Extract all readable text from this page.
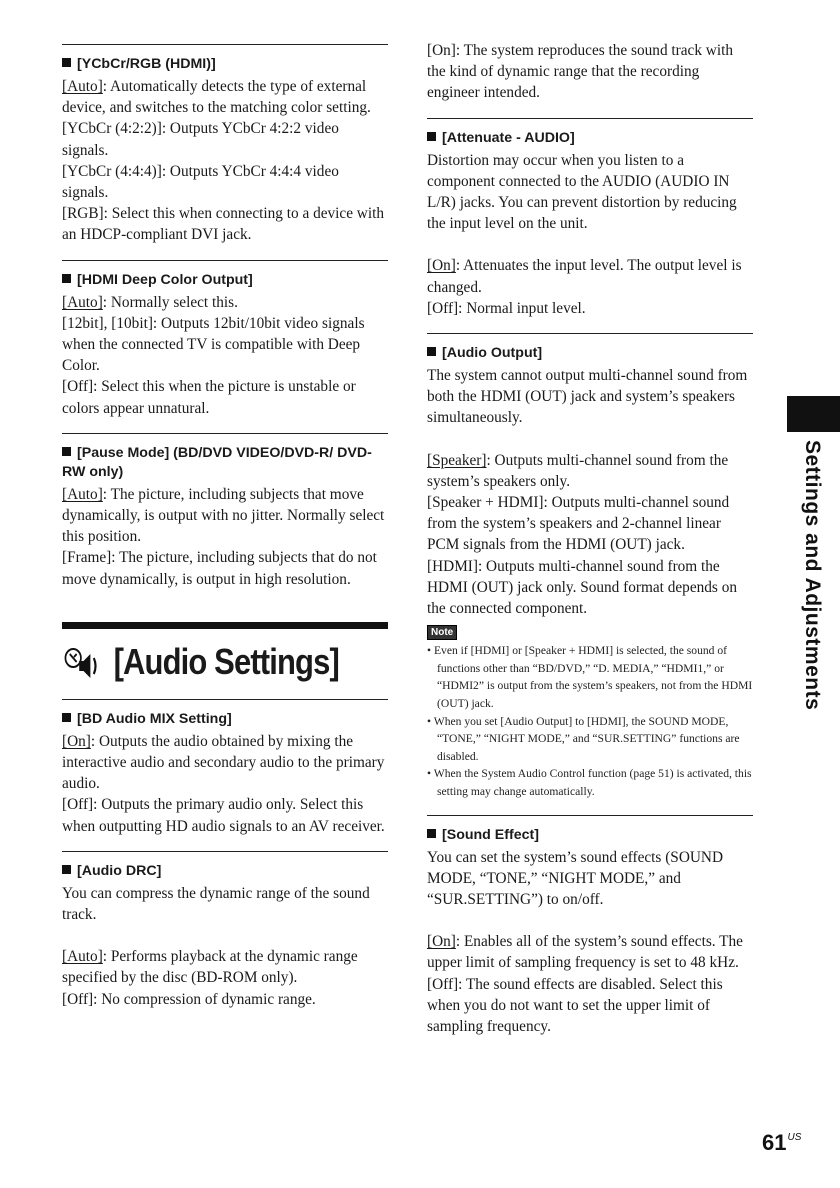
[YCbCr/RGB (HDMI)]

[Auto]: Automatically detects the type of external device, and switches to the matching color setting.

[YCbCr (4:2:2)]: Outputs YCbCr 4:2:2 video signals.

[YCbCr (4:4:4)]: Outputs YCbCr 4:4:4 video signals.

[RGB]: Select this when connecting to a device with an HDCP-compliant DVI jack.

[HDMI Deep Color Output]

[Auto]: Normally select this.

[12bit], [10bit]: Outputs 12bit/10bit video signals when the connected TV is compatible with Deep Color.

[Off]: Select this when the picture is unstable or colors appear unnatural.

[Pause Mode] (BD/DVD VIDEO/DVD-R/ DVD-RW only)

[Auto]: The picture, including subjects that move dynamically, is output with no jitter. Normally select this position.

[Frame]: The picture, including subjects that do not move dynamically, is output in high resolution.

[Audio Settings]
[BD Audio MIX Setting]

[On]: Outputs the audio obtained by mixing the interactive audio and secondary audio to the primary audio.

[Off]: Outputs the primary audio only. Select this when outputting HD audio signals to an AV receiver.

[Audio DRC]

You can compress the dynamic range of the sound track.

[Auto]: Performs playback at the dynamic range specified by the disc (BD-ROM only).

[Off]: No compression of dynamic range.

[On]: The system reproduces the sound track with the kind of dynamic range that the recording engineer intended.

[Attenuate - AUDIO]

Distortion may occur when you listen to a component connected to the AUDIO (AUDIO IN L/R) jacks. You can prevent distortion by reducing the input level on the unit.

[On]: Attenuates the input level. The output level is changed.

[Off]: Normal input level.

[Audio Output]

The system cannot output multi-channel sound from both the HDMI (OUT) jack and system’s speakers simultaneously.

[Speaker]: Outputs multi-channel sound from the system’s speakers only.

[Speaker + HDMI]: Outputs multi-channel sound from the system’s speakers and 2-channel linear PCM signals from the HDMI (OUT) jack.

[HDMI]: Outputs multi-channel sound from the HDMI (OUT) jack only. Sound format depends on the connected component.

Note

• Even if [HDMI] or [Speaker + HDMI] is selected, the sound of functions other than “BD/DVD,” “D. MEDIA,” “HDMI1,” or “HDMI2” is output from the system’s speakers, not from the HDMI (OUT) jack.

• When you set [Audio Output] to [HDMI], the SOUND MODE, “TONE,” “NIGHT MODE,” and “SUR.SETTING” functions are disabled.

• When the System Audio Control function (page 51) is activated, this setting may change automatically.

[Sound Effect]

You can set the system’s sound effects (SOUND MODE, “TONE,” “NIGHT MODE,” and “SUR.SETTING”) to on/off.

[On]: Enables all of the system’s sound effects. The upper limit of sampling frequency is set to 48 kHz.

[Off]: The sound effects are disabled. Select this when you do not want to set the upper limit of sampling frequency.

Settings and Adjustments
$61^{US}$
